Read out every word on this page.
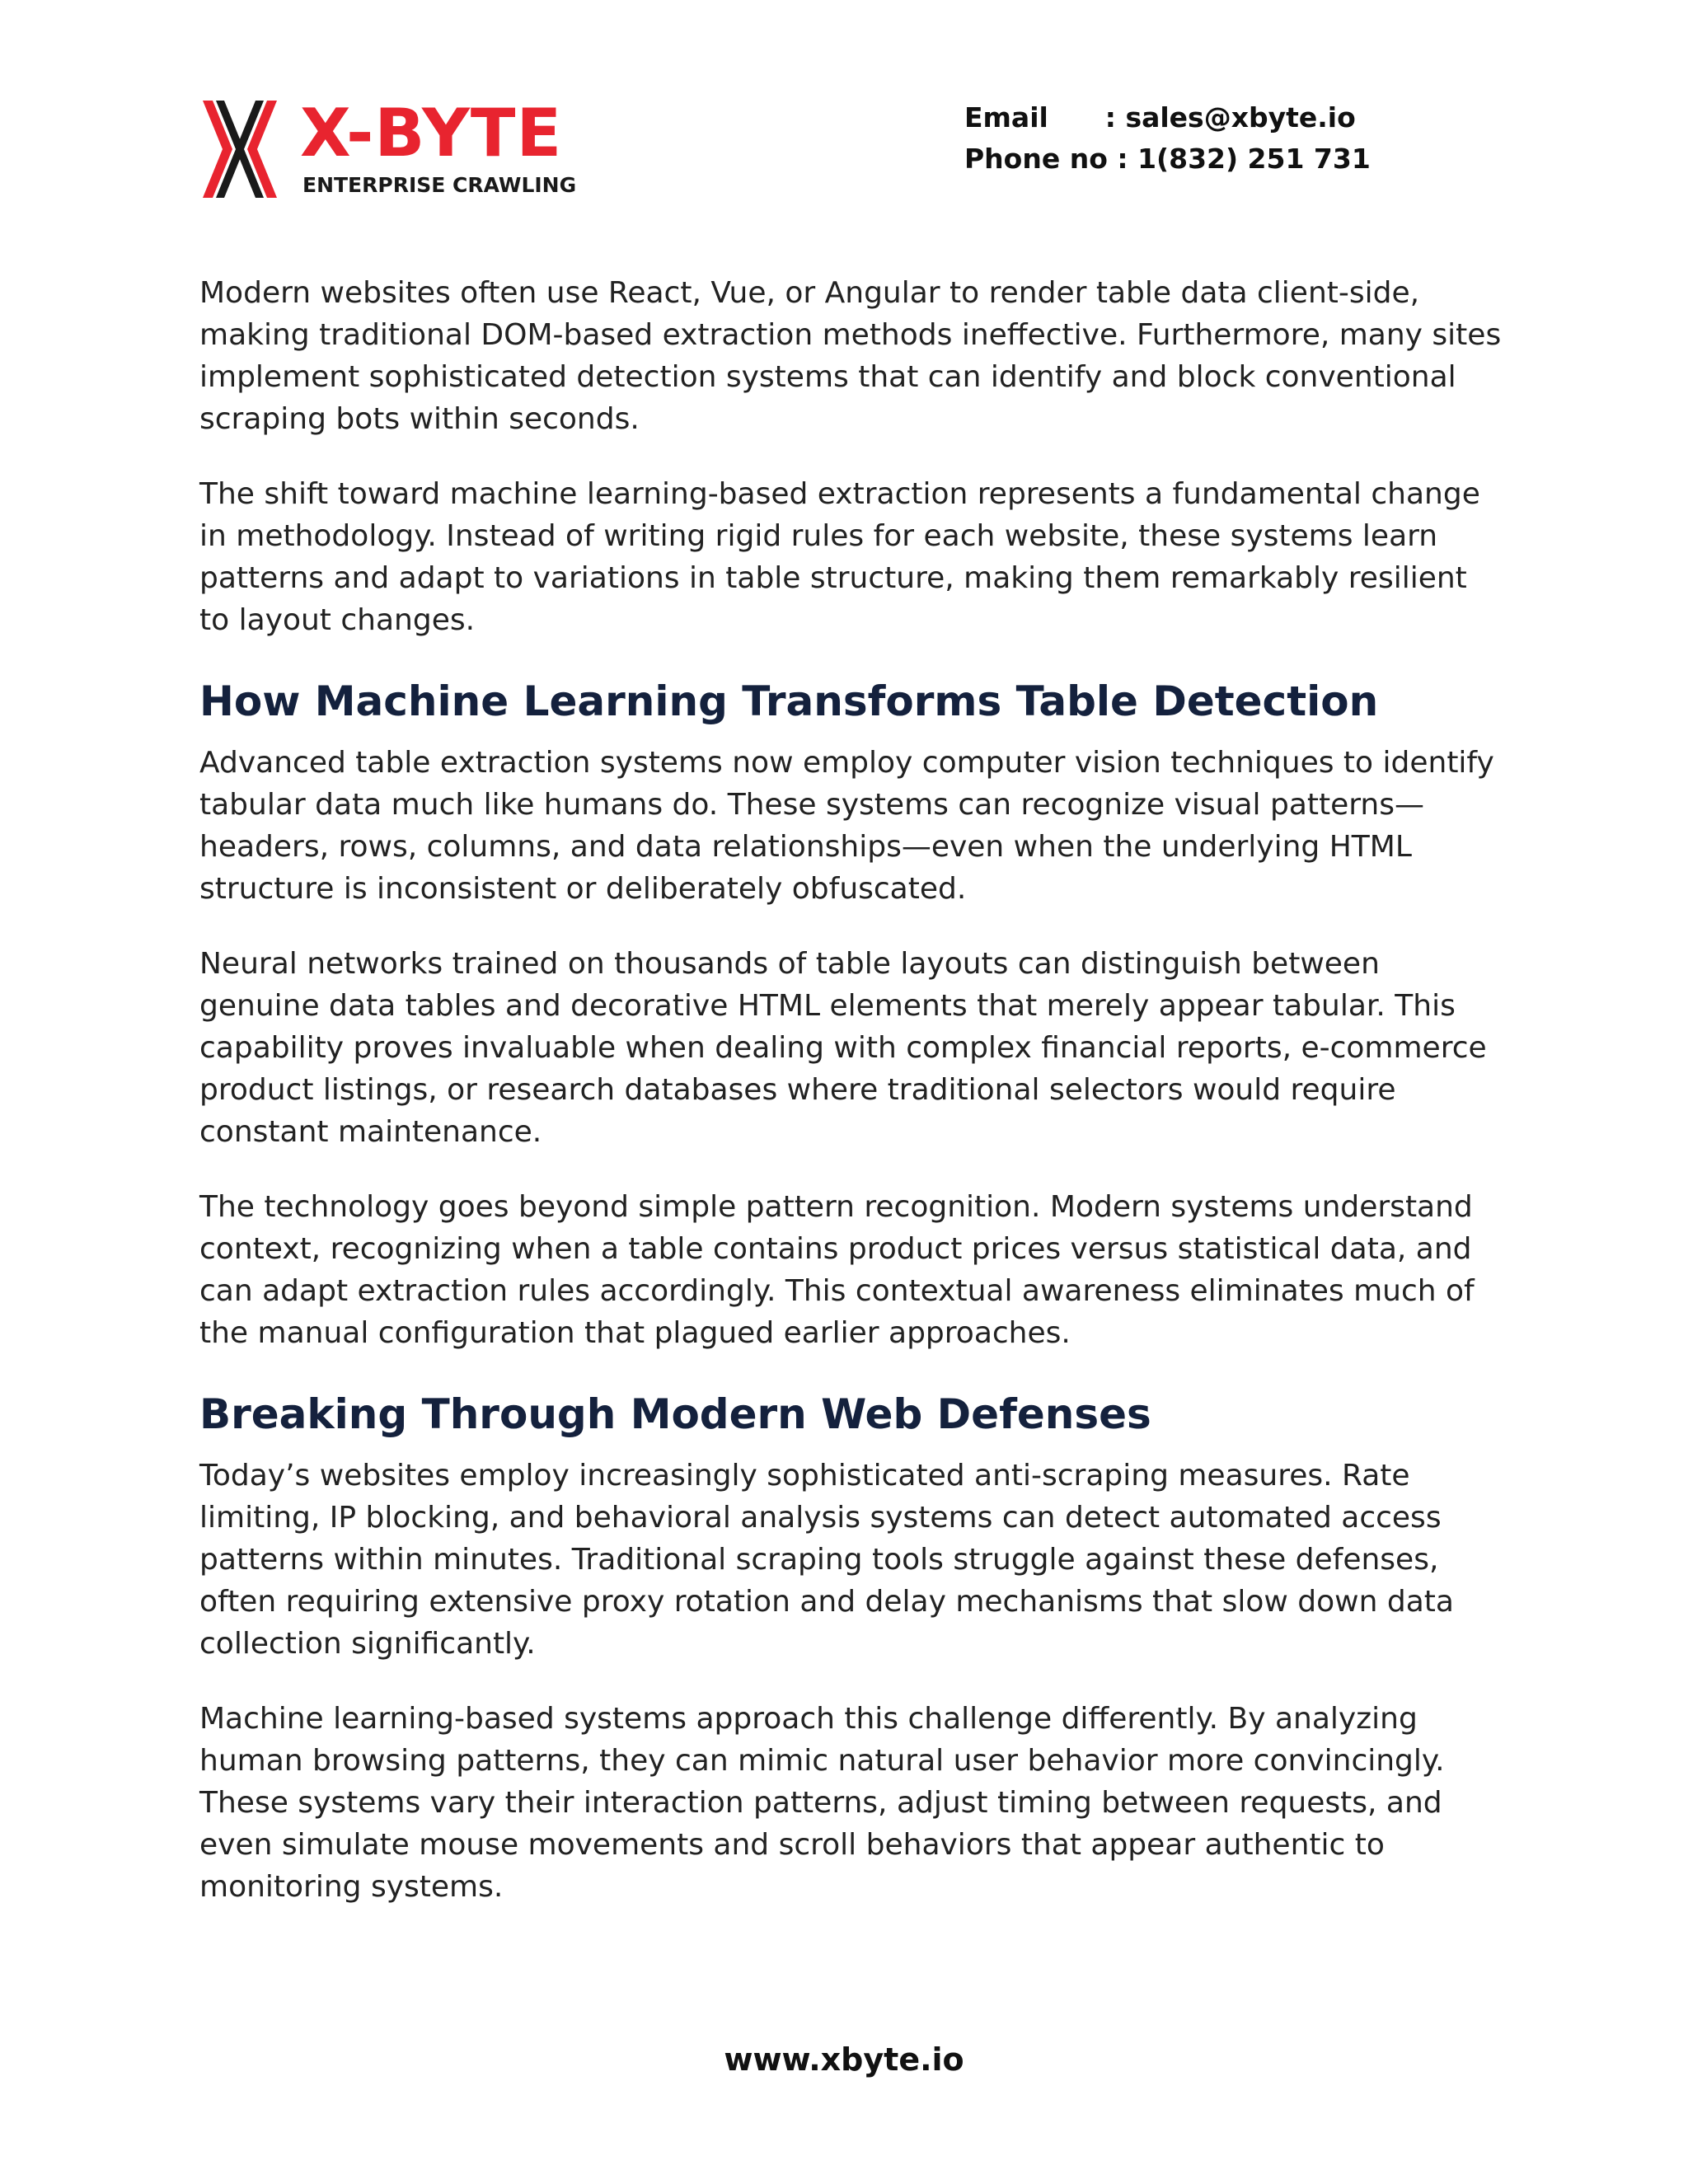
X-BYTE
ENTERPRISE CRAWLING
Email      : sales@xbyte.io
Phone no : 1(832) 251 731

Modern websites often use React, Vue, or Angular to render table data client-side, making traditional DOM-based extraction methods ineffective. Furthermore, many sites implement sophisticated detection systems that can identify and block conventional scraping bots within seconds.

The shift toward machine learning-based extraction represents a fundamental change in methodology. Instead of writing rigid rules for each website, these systems learn patterns and adapt to variations in table structure, making them remarkably resilient to layout changes.

How Machine Learning Transforms Table Detection

Advanced table extraction systems now employ computer vision techniques to identify tabular data much like humans do. These systems can recognize visual patterns—headers, rows, columns, and data relationships—even when the underlying HTML structure is inconsistent or deliberately obfuscated.

Neural networks trained on thousands of table layouts can distinguish between genuine data tables and decorative HTML elements that merely appear tabular. This capability proves invaluable when dealing with complex financial reports, e-commerce product listings, or research databases where traditional selectors would require constant maintenance.

The technology goes beyond simple pattern recognition. Modern systems understand context, recognizing when a table contains product prices versus statistical data, and can adapt extraction rules accordingly. This contextual awareness eliminates much of the manual configuration that plagued earlier approaches.

Breaking Through Modern Web Defenses

Today’s websites employ increasingly sophisticated anti-scraping measures. Rate limiting, IP blocking, and behavioral analysis systems can detect automated access patterns within minutes. Traditional scraping tools struggle against these defenses, often requiring extensive proxy rotation and delay mechanisms that slow down data collection significantly.

Machine learning-based systems approach this challenge differently. By analyzing human browsing patterns, they can mimic natural user behavior more convincingly. These systems vary their interaction patterns, adjust timing between requests, and even simulate mouse movements and scroll behaviors that appear authentic to monitoring systems.

www.xbyte.io
